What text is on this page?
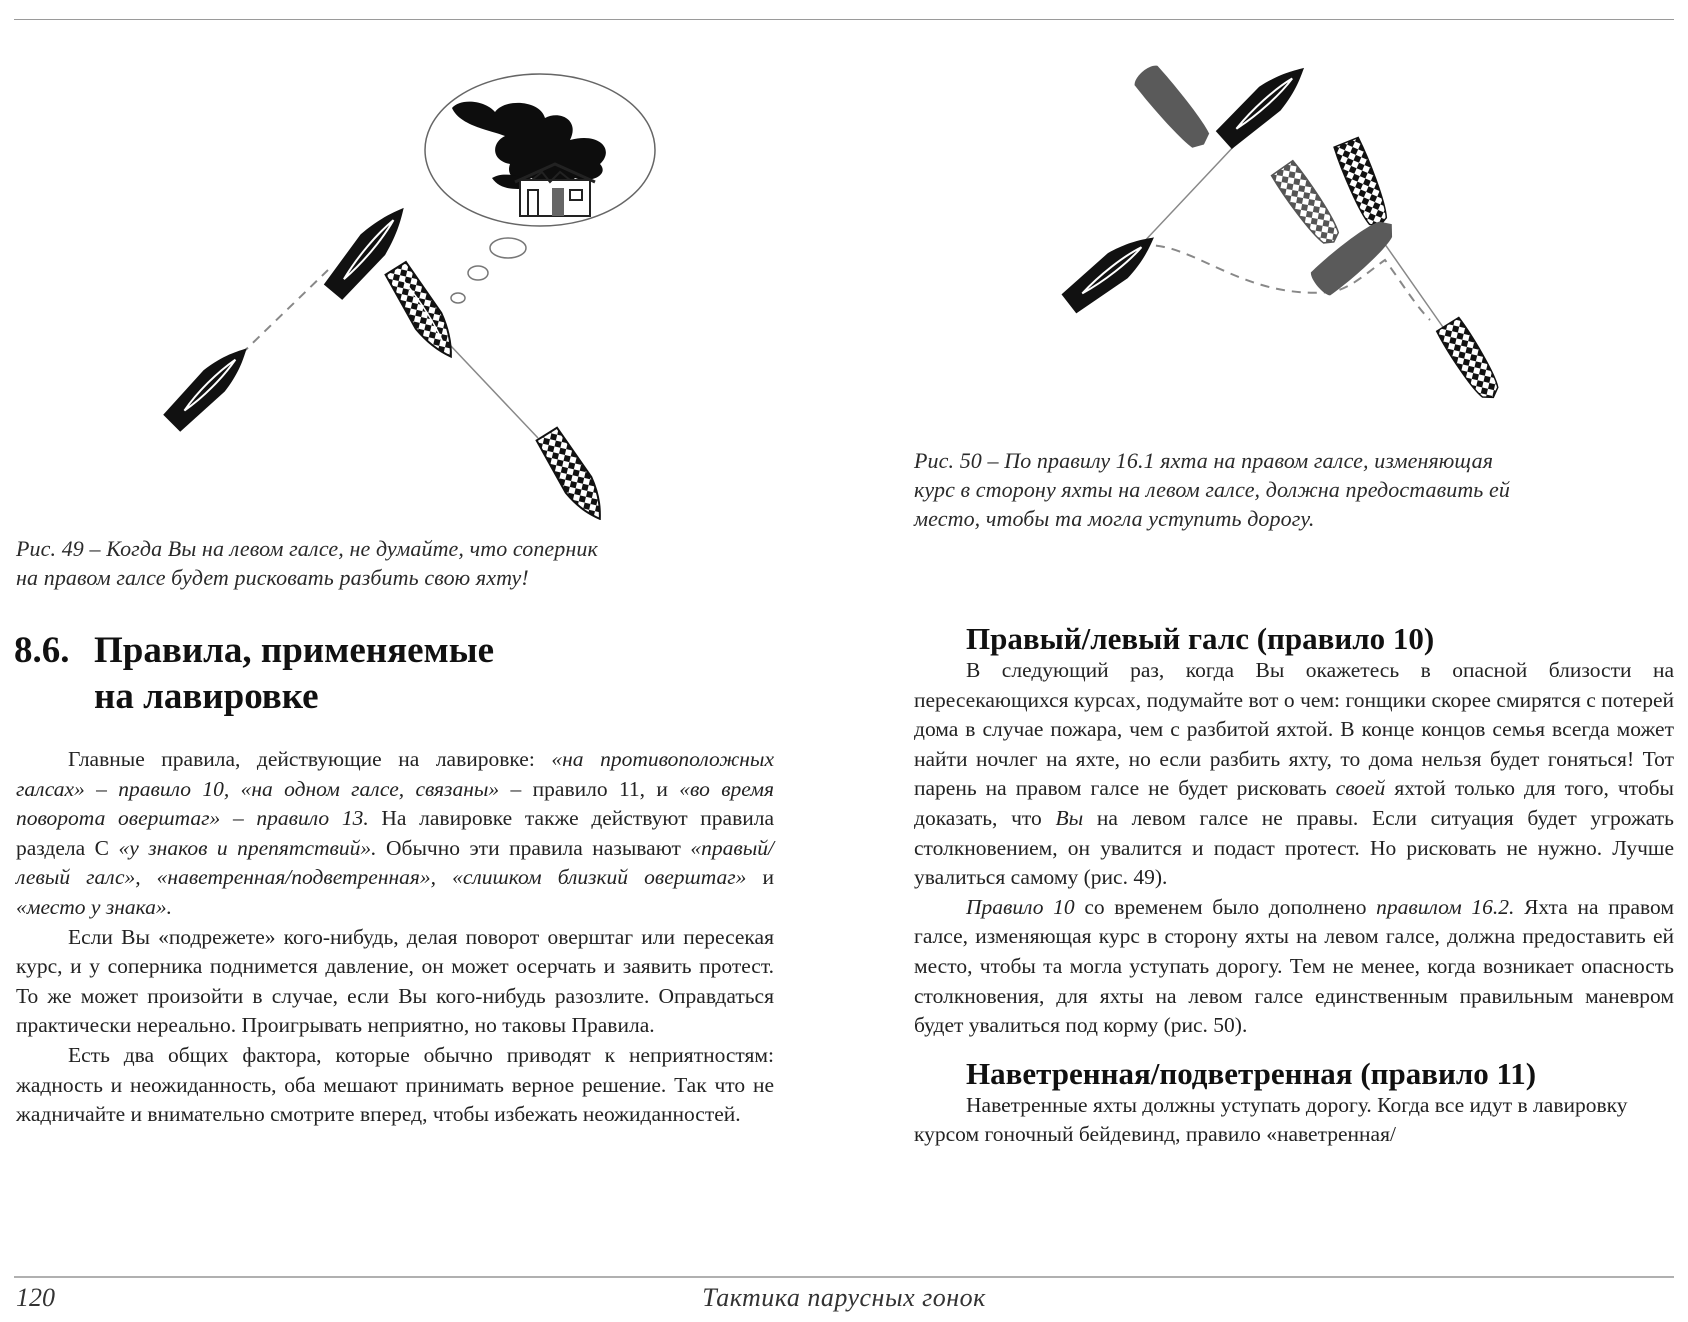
Рис. 49 – Когда Вы на левом галсе, не думайте, что соперник
на правом галсе будет рисковать разбить свою яхту!
Рис. 50 – По правилу 16.1 яхта на правом галсе, изменяющая
курс в сторону яхты на левом галсе, должна предоставить ей
место, чтобы та могла уступить дорогу.
8.6. Правила, применяемые
на лавировке

Главные правила, действующие на лавировке: «на противоположных галсах» – правило 10, «на одном галсе, связаны» – правило 11, и «во время поворота оверштаг» – правило 13. На лавировке также действуют правила раздела С «у знаков и препятствий». Обычно эти правила называют «правый/левый галс», «наветренная/подветренная», «слишком близкий оверштаг» и «место у знака».

Если Вы «подрежете» кого-нибудь, делая поворот оверштаг или пересекая курс, и у соперника поднимется давление, он может осерчать и заявить протест. То же может произойти в случае, если Вы кого-нибудь разозлите. Оправдаться практически нереально. Проигрывать неприятно, но таковы Правила.

Есть два общих фактора, которые обычно приводят к неприятностям: жадность и неожиданность, оба мешают принимать верное решение. Так что не жадничайте и внимательно смотрите вперед, чтобы избежать неожиданностей.

Правый/левый галс (правило 10)

В следующий раз, когда Вы окажетесь в опасной близости на пересекающихся курсах, подумайте вот о чем: гонщики скорее смирятся с потерей дома в случае пожара, чем с разбитой яхтой. В конце концов семья всегда может найти ночлег на яхте, но если разбить яхту, то дома нельзя будет гоняться! Тот парень на правом галсе не будет рисковать своей яхтой только для того, чтобы доказать, что Вы на левом галсе не правы. Если ситуация будет угрожать столкновением, он увалится и подаст протест. Но рисковать не нужно. Лучше увалиться самому (рис. 49).

Правило 10 со временем было дополнено правилом 16.2. Яхта на правом галсе, изменяющая курс в сторону яхты на левом галсе, должна предоставить ей место, чтобы та могла уступать дорогу. Тем не менее, когда возникает опасность столкновения, для яхты на левом галсе единственным правильным маневром будет увалиться под корму (рис. 50).

Наветренная/подветренная (правило 11)

Наветренные яхты должны уступать дорогу. Когда все идут в лавировку курсом гоночный бейдевинд, правило «наветренная/

120	Тактика парусных гонок
